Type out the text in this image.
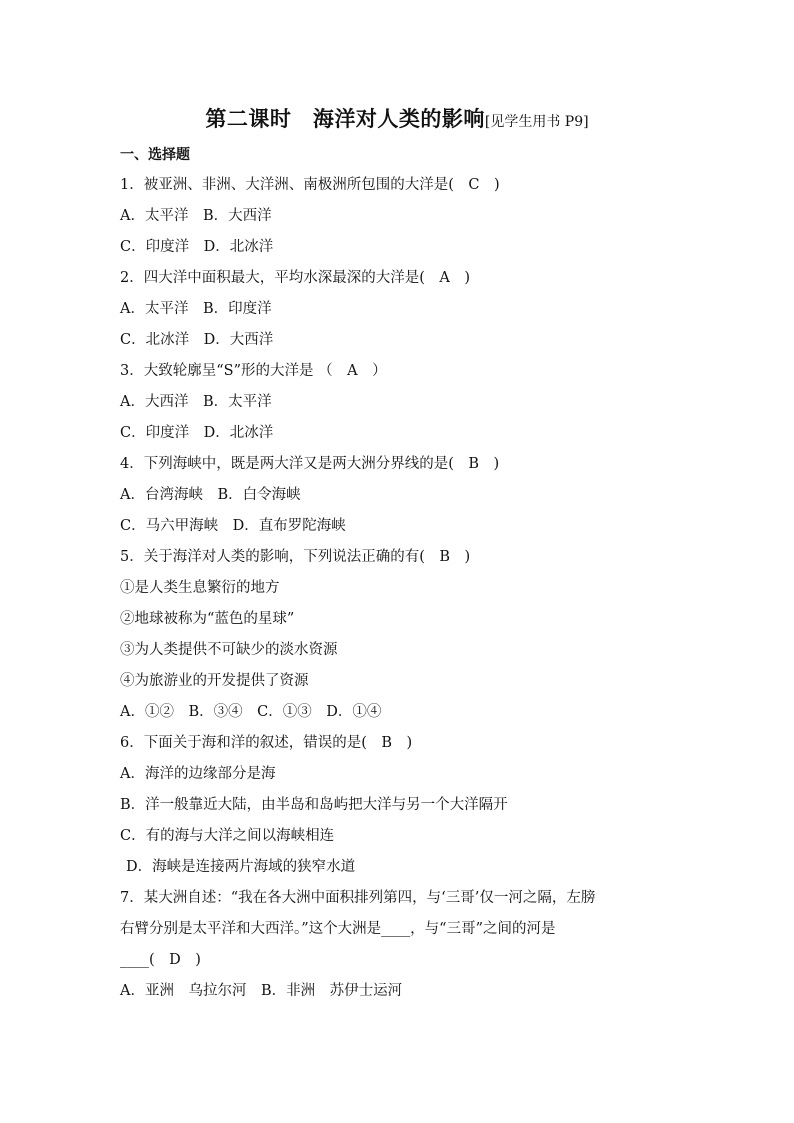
第二课时　海洋对人类的影响[见学生用书 P9]
一、选择题
1．被亚洲、非洲、大洋洲、南极洲所包围的大洋是(　C　)
A．太平洋　B．大西洋
C．印度洋　D．北冰洋
2．四大洋中面积最大，平均水深最深的大洋是(　A　)
A．太平洋　B．印度洋
C．北冰洋　D．大西洋
3．大致轮廓呈“S”形的大洋是 （　A　）
A．大西洋　B．太平洋
C．印度洋　D．北冰洋
4．下列海峡中，既是两大洋又是两大洲分界线的是(　B　)
A．台湾海峡　B．白令海峡
C．马六甲海峡　D．直布罗陀海峡
5．关于海洋对人类的影响，下列说法正确的有(　B　)
①是人类生息繁衍的地方
②地球被称为“蓝色的星球”
③为人类提供不可缺少的淡水资源
④为旅游业的开发提供了资源
A．①②　B．③④　C．①③　D．①④
6．下面关于海和洋的叙述，错误的是(　B　)
A．海洋的边缘部分是海
B．洋一般靠近大陆，由半岛和岛屿把大洋与另一个大洋隔开
C．有的海与大洋之间以海峡相连
D．海峡是连接两片海域的狭窄水道
7．某大洲自述：“我在各大洲中面积排列第四，与‘三哥’仅一河之隔，左膀
右臂分别是太平洋和大西洋。”这个大洲是____，与“三哥”之间的河是
____(　D　)
A．亚洲　乌拉尔河　B．非洲　苏伊士运河
